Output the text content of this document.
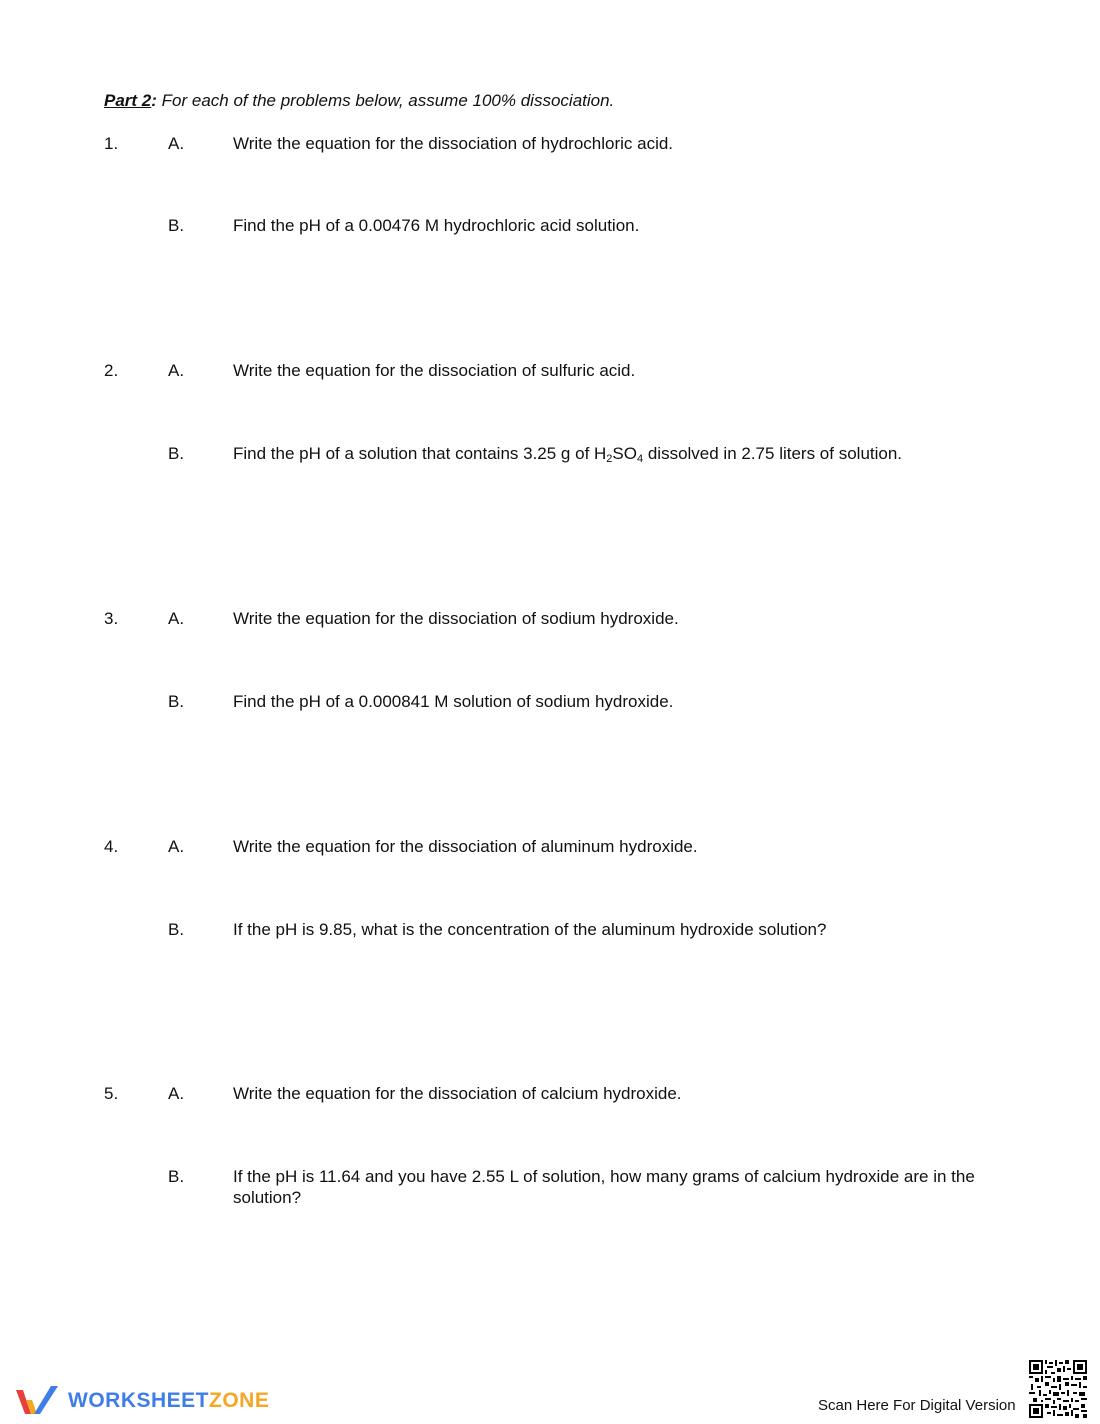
Part 2: For each of the problems below, assume 100% dissociation.
1.	A.	Write the equation for the dissociation of hydrochloric acid.
B.	Find the pH of a 0.00476 M hydrochloric acid solution.
2.	A.	Write the equation for the dissociation of sulfuric acid.
B.	Find the pH of a solution that contains 3.25 g of $H_2SO_4$ dissolved in 2.75 liters of solution.
3.	A.	Write the equation for the dissociation of sodium hydroxide.
B.	Find the pH of a 0.000841 M solution of sodium hydroxide.
4.	A.	Write the equation for the dissociation of aluminum hydroxide.
B.	If the pH is 9.85, what is the concentration of the aluminum hydroxide solution?
5.	A.	Write the equation for the dissociation of calcium hydroxide.
B.	If the pH is 11.64 and you have 2.55 L of solution, how many grams of calcium hydroxide are in the solution?
WORKSHEETZONE	Scan Here For Digital Version
